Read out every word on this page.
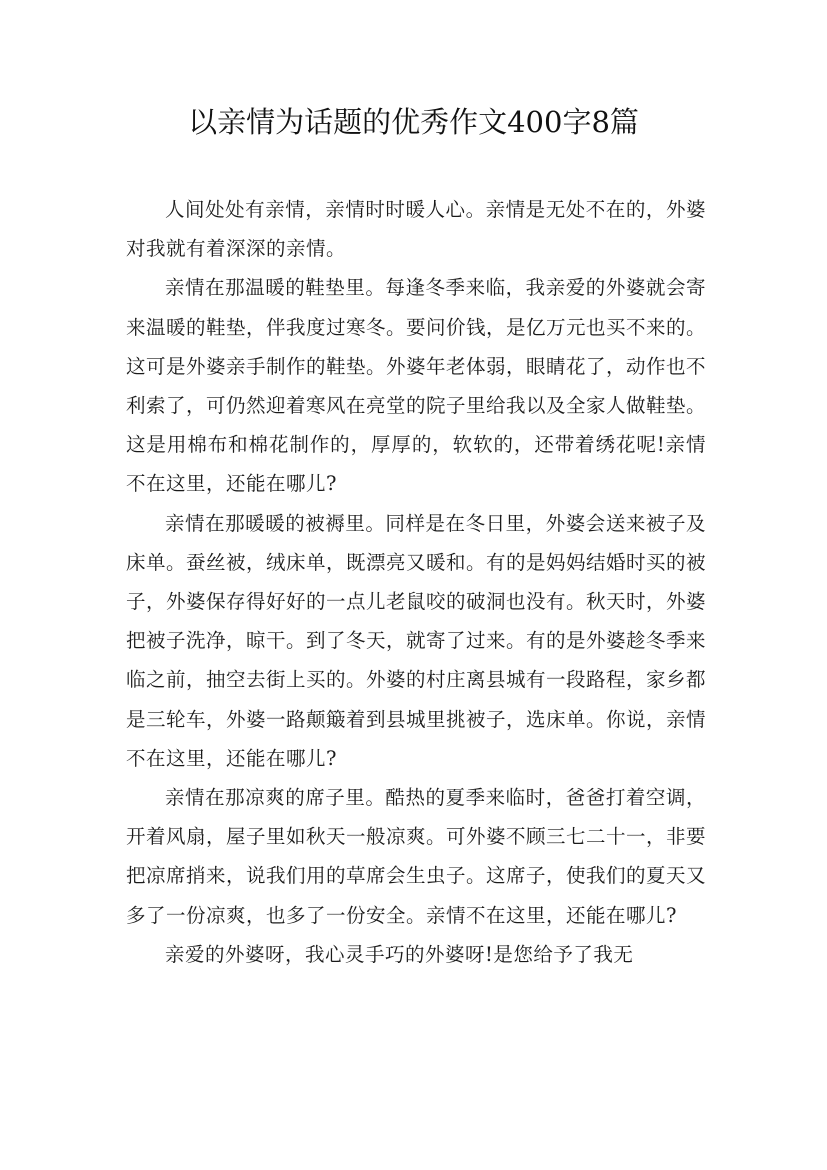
以亲情为话题的优秀作文400字8篇

人间处处有亲情，亲情时时暖人心。亲情是无处不在的，外婆对我就有着深深的亲情。

亲情在那温暖的鞋垫里。每逢冬季来临，我亲爱的外婆就会寄来温暖的鞋垫，伴我度过寒冬。要问价钱，是亿万元也买不来的。这可是外婆亲手制作的鞋垫。外婆年老体弱，眼睛花了，动作也不利索了，可仍然迎着寒风在亮堂的院子里给我以及全家人做鞋垫。这是用棉布和棉花制作的，厚厚的，软软的，还带着绣花呢!亲情不在这里，还能在哪儿?

亲情在那暖暖的被褥里。同样是在冬日里，外婆会送来被子及床单。蚕丝被，绒床单，既漂亮又暖和。有的是妈妈结婚时买的被子，外婆保存得好好的一点儿老鼠咬的破洞也没有。秋天时，外婆把被子洗净，晾干。到了冬天，就寄了过来。有的是外婆趁冬季来临之前，抽空去街上买的。外婆的村庄离县城有一段路程，家乡都是三轮车，外婆一路颠簸着到县城里挑被子，选床单。你说，亲情不在这里，还能在哪儿?

亲情在那凉爽的席子里。酷热的夏季来临时，爸爸打着空调，开着风扇，屋子里如秋天一般凉爽。可外婆不顾三七二十一，非要把凉席捎来，说我们用的草席会生虫子。这席子，使我们的夏天又多了一份凉爽，也多了一份安全。亲情不在这里，还能在哪儿?

亲爱的外婆呀，我心灵手巧的外婆呀!是您给予了我无
